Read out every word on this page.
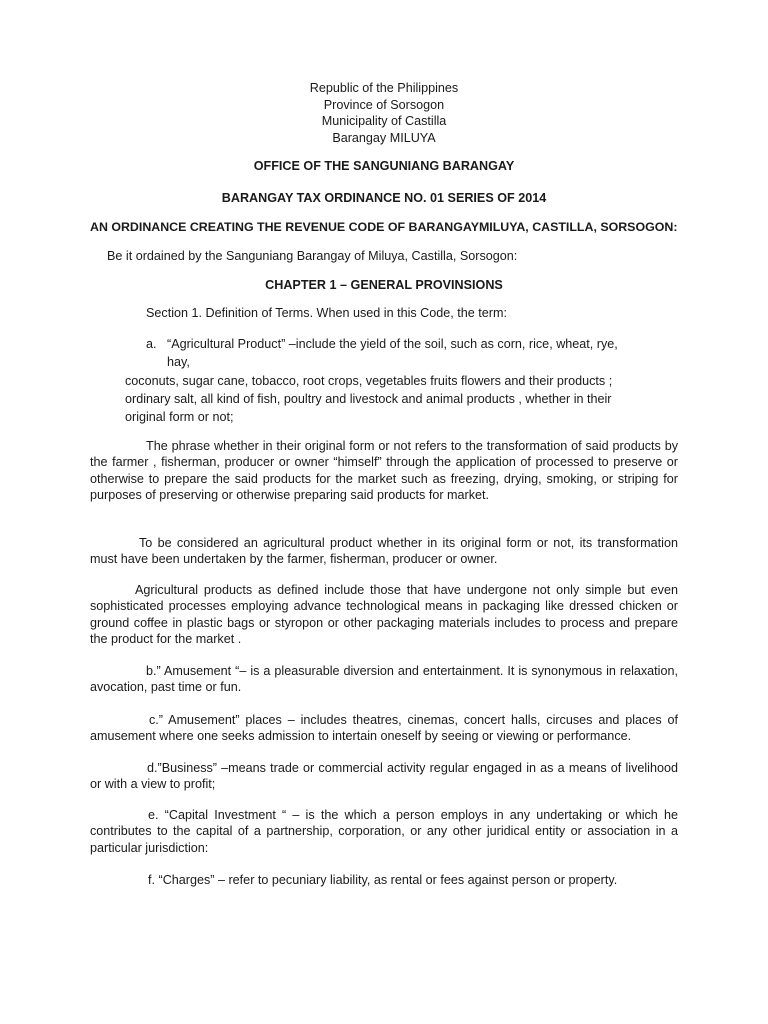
Republic of the Philippines
Province of Sorsogon
Municipality of Castilla
Barangay MILUYA
OFFICE OF THE SANGUNIANG BARANGAY
BARANGAY TAX ORDINANCE NO. 01 SERIES OF 2014
AN ORDINANCE CREATING THE REVENUE CODE OF BARANGAYMILUYA, CASTILLA, SORSOGON:
Be it ordained by the Sanguniang Barangay of Miluya, Castilla, Sorsogon:
CHAPTER 1 – GENERAL PROVINSIONS
Section 1. Definition of Terms. When used in this Code, the term:
a.   “Agricultural Product” –include the yield of the soil, such as corn, rice, wheat, rye,
hay,
coconuts, sugar cane, tobacco, root crops, vegetables fruits flowers and their products ;
ordinary salt, all kind of fish, poultry and livestock and animal products , whether in their
original form or not;
The phrase whether in their original form or not refers to the transformation of said products by the farmer , fisherman, producer or owner “himself” through the application of processed to preserve or otherwise to prepare the said products for the market such as freezing, drying, smoking, or striping for purposes of preserving or otherwise preparing said products for market.
To be considered an agricultural product whether in its original form or not, its transformation must have been undertaken by the farmer, fisherman, producer or owner.
Agricultural products as defined include those that have undergone not only simple but even sophisticated processes employing advance technological means in packaging like dressed chicken or ground coffee in plastic bags or styropon or other packaging materials includes to process and prepare the product for the market .
b.” Amusement “– is a pleasurable diversion and entertainment. It is synonymous in relaxation, avocation, past time or fun.
c.” Amusement” places – includes theatres, cinemas, concert halls, circuses and places of amusement where one seeks admission to intertain oneself by seeing or viewing or performance.
d.”Business” –means trade or commercial activity regular engaged in as a means of livelihood or with a view to profit;
e. “Capital Investment “ – is the which a person employs in any undertaking or which he contributes to the capital of a partnership, corporation, or any other juridical entity or association in a particular jurisdiction:
f. “Charges” – refer to pecuniary liability, as rental or fees against person or property.
